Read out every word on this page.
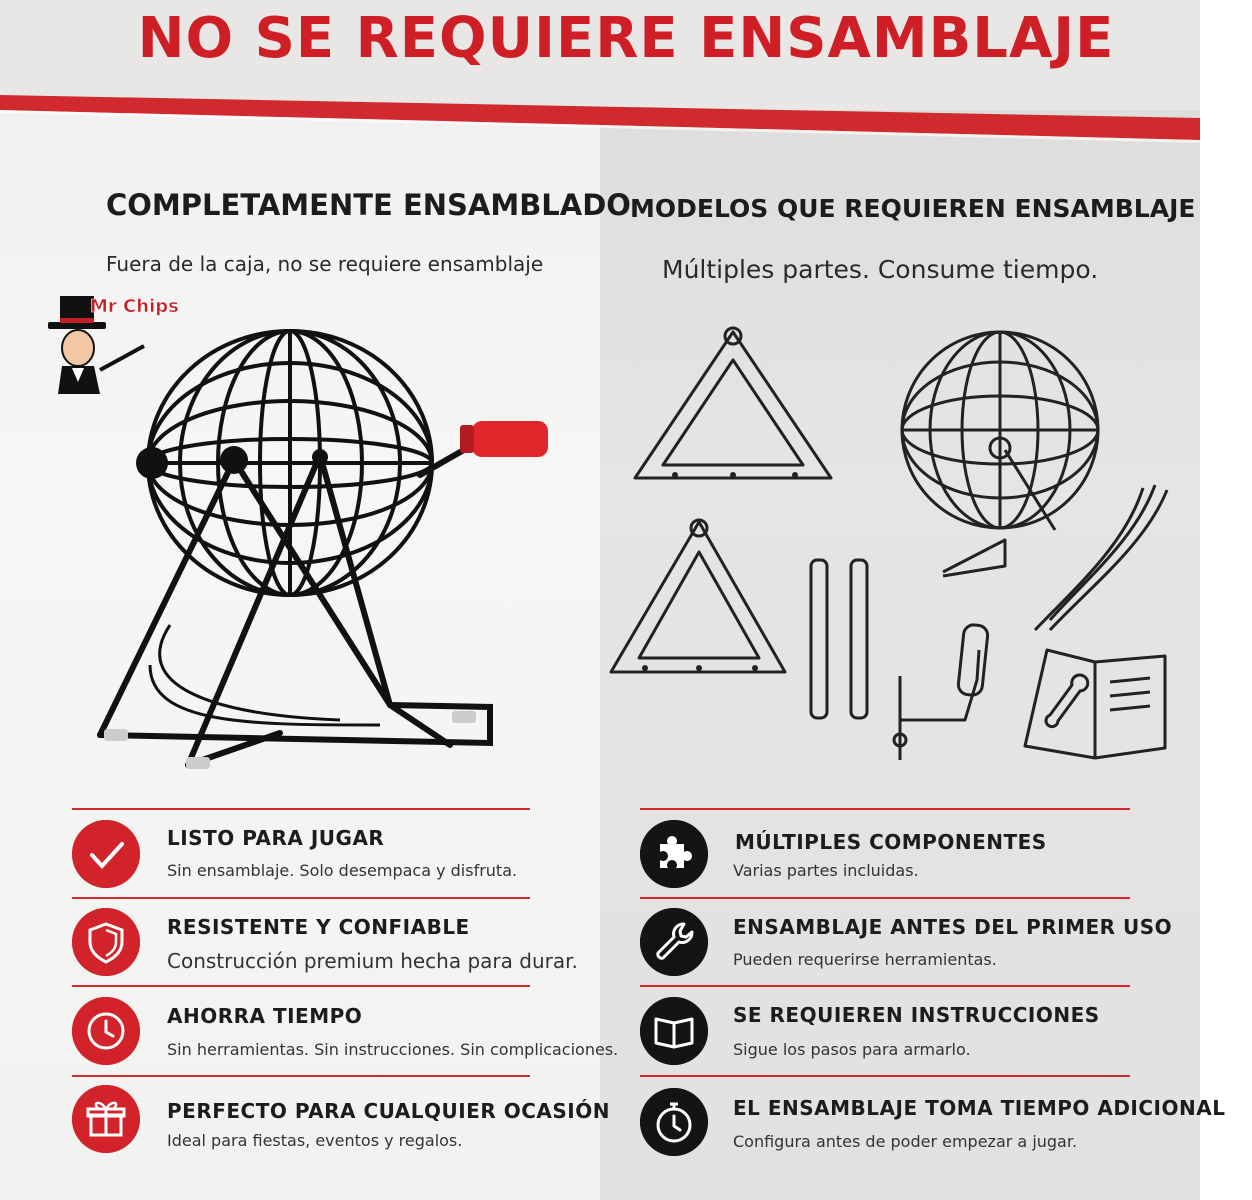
NO SE REQUIERE ENSAMBLAJE
COMPLETAMENTE ENSAMBLADO
Fuera de la caja, no se requiere ensamblaje
MODELOS QUE REQUIEREN ENSAMBLAJE
Múltiples partes. Consume tiempo.
Mr Chips
LISTO PARA JUGAR
Sin ensamblaje. Solo desempaca y disfruta.
RESISTENTE Y CONFIABLE
Construcción premium hecha para durar.
AHORRA TIEMPO
Sin herramientas. Sin instrucciones. Sin complicaciones.
PERFECTO PARA CUALQUIER OCASIÓN
Ideal para fiestas, eventos y regalos.
MÚLTIPLES COMPONENTES
Varias partes incluidas.
ENSAMBLAJE ANTES DEL PRIMER USO
Pueden requerirse herramientas.
SE REQUIEREN INSTRUCCIONES
Sigue los pasos para armarlo.
EL ENSAMBLAJE TOMA TIEMPO ADICIONAL
Configura antes de poder empezar a jugar.
